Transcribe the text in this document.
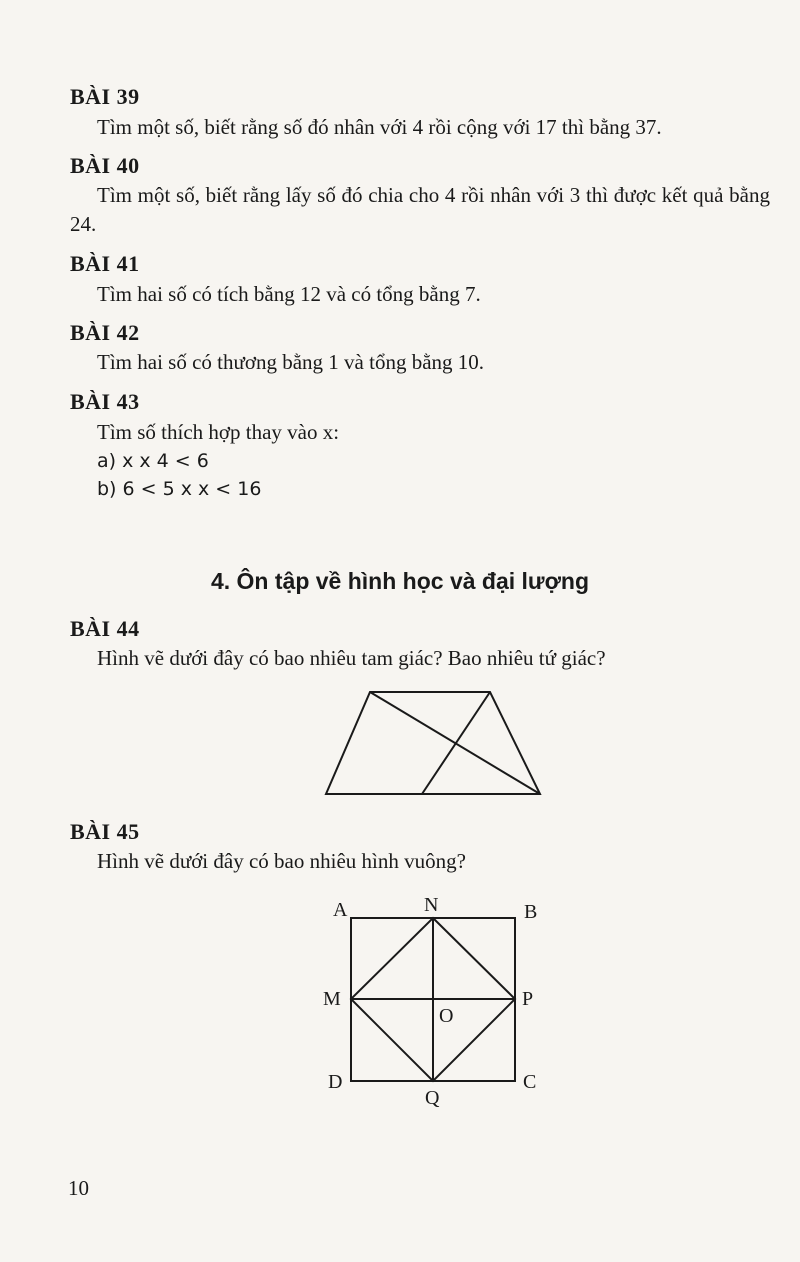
BÀI 39
Tìm một số, biết rằng số đó nhân với 4 rồi cộng với 17 thì bằng 37.
BÀI 40
Tìm một số, biết rằng lấy số đó chia cho 4 rồi nhân với 3 thì được kết quả bằng 24.
BÀI 41
Tìm hai số có tích bằng 12 và có tổng bằng 7.
BÀI 42
Tìm hai số có thương bằng 1 và tổng bằng 10.
BÀI 43
Tìm số thích hợp thay vào x:
a) x x 4 < 6
b) 6 < 5 x x < 16
4. Ôn tập về hình học và đại lượng
BÀI 44
Hình vẽ dưới đây có bao nhiêu tam giác? Bao nhiêu tứ giác?
BÀI 45
Hình vẽ dưới đây có bao nhiêu hình vuông?
A	N	B
M
O
P
D
Q
C
10
